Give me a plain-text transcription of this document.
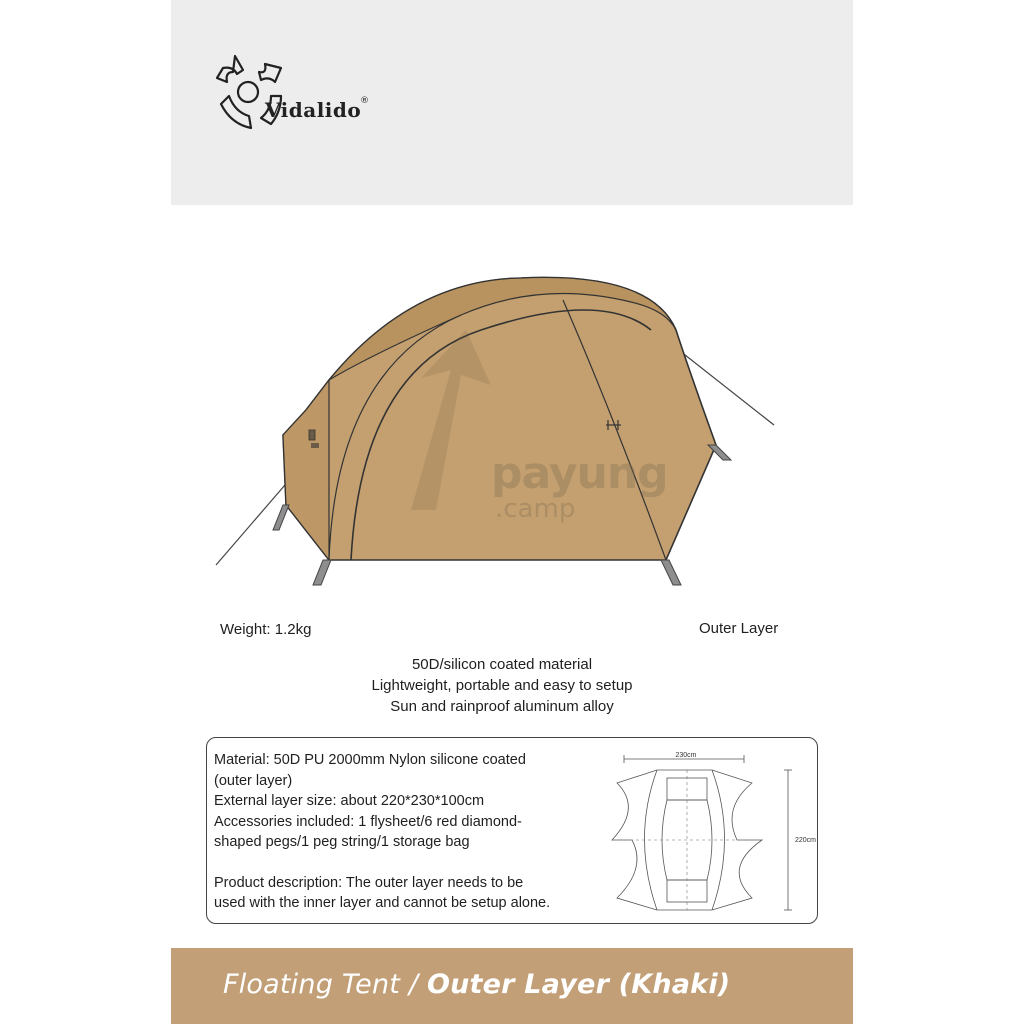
Vidalido
®
payung
.camp
Weight: 1.2kg	Outer Layer
50D/silicon coated material
Lightweight, portable and easy to setup
Sun and rainproof aluminum alloy
Material: 50D PU 2000mm Nylon silicone coated
(outer layer)
External layer size: about 220*230*100cm
Accessories included: 1 flysheet/6 red diamond-
shaped pegs/1 peg string/1 storage bag
Product description: The outer layer needs to be
used with the inner layer and cannot be setup alone.
230cm
220cm
Floating Tent / Outer Layer (Khaki)
